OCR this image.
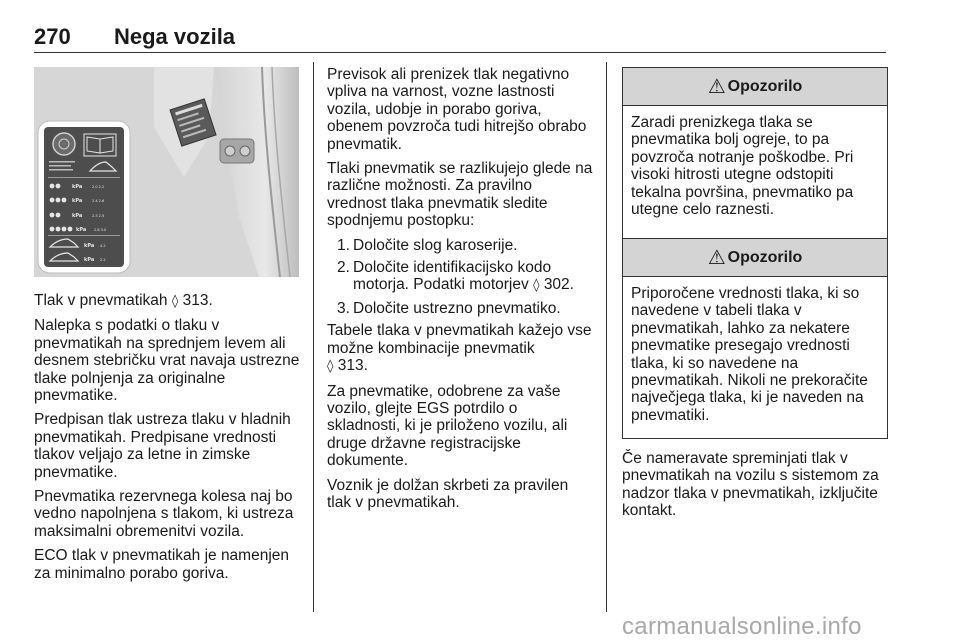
270 Nega vozila
kPa	2.0 2.2
kPa	2.4 2.6
kPa	2.3 2.5
kPa 2.8 3.0
kPa 4.2
kPa 2.2

Tlak v pnevmatikah ◊ 313.

Nalepka s podatki o tlaku v pnevmatikah na sprednjem levem ali desnem stebričku vrat navaja ustrezne tlake polnjenja za originalne pnevmatike.

Predpisan tlak ustreza tlaku v hladnih pnevmatikah. Predpisane vrednosti tlakov veljajo za letne in zimske pnevmatike.

Pnevmatika rezervnega kolesa naj bo vedno napolnjena s tlakom, ki ustreza maksimalni obremenitvi vozila.

ECO tlak v pnevmatikah je namenjen za minimalno porabo goriva.

Previsok ali prenizek tlak negativno vpliva na varnost, vozne lastnosti vozila, udobje in porabo goriva, obenem povzroča tudi hitrejšo obrabo pnevmatik.

Tlaki pnevmatik se razlikujejo glede na različne možnosti. Za pravilno vrednost tlaka pnevmatik sledite spodnjemu postopku:

1. Določite slog karoserije.
2. Določite identifikacijsko kodo motorja. Podatki motorjev ◊ 302.
3. Določite ustrezno pnevmatiko.

Tabele tlaka v pnevmatikah kažejo vse možne kombinacije pnevmatik
◊ 313.

Za pnevmatike, odobrene za vaše vozilo, glejte EGS potrdilo o skladnosti, ki je priloženo vozilu, ali druge državne registracijske dokumente.

Voznik je dolžan skrbeti za pravilen tlak v pnevmatikah.

⚠ Opozorilo
Zaradi prenizkega tlaka se pnevmatika bolj ogreje, to pa povzroča notranje poškodbe. Pri visoki hitrosti utegne odstopiti tekalna površina, pnevmatiko pa utegne celo raznesti.
⚠ Opozorilo
Priporočene vrednosti tlaka, ki so navedene v tabeli tlaka v pnevmatikah, lahko za nekatere pnevmatike presegajo vrednosti tlaka, ki so navedene na pnevmatikah. Nikoli ne prekoračite največjega tlaka, ki je naveden na pnevmatiki.

Če nameravate spreminjati tlak v pnevmatikah na vozilu s sistemom za nadzor tlaka v pnevmatikah, izključite kontakt.

carmanualsonline.info
